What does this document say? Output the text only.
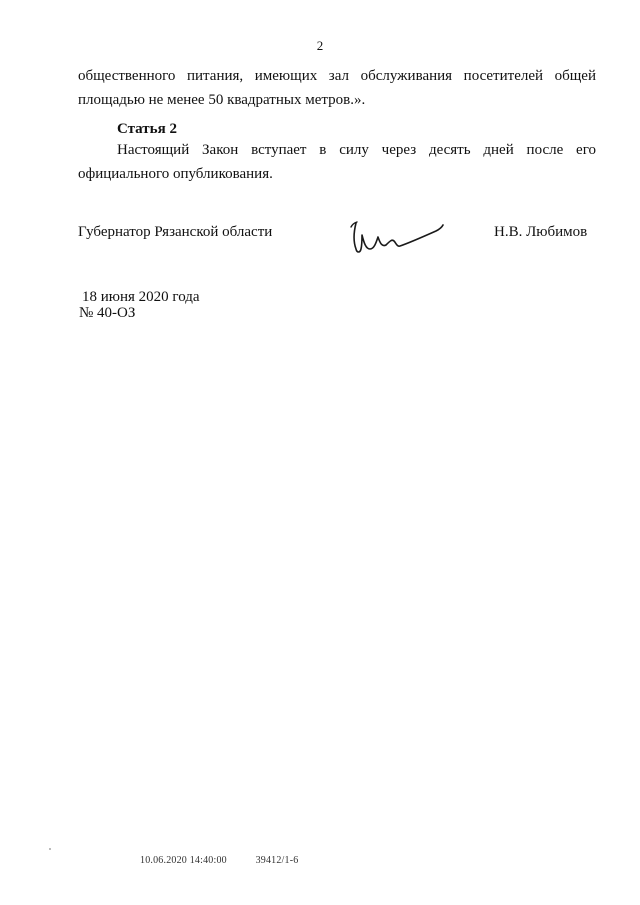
2
общественного питания, имеющих зал обслуживания посетителей общей
площадью не менее 50 квадратных метров.».
Статья 2
Настоящий Закон вступает в силу через десять дней после его
официального опубликования.
Губернатор Рязанской области	Н.В. Любимов
18 июня 2020 года
№ 40-ОЗ
10.06.2020 14:40:00	39412/1-6
